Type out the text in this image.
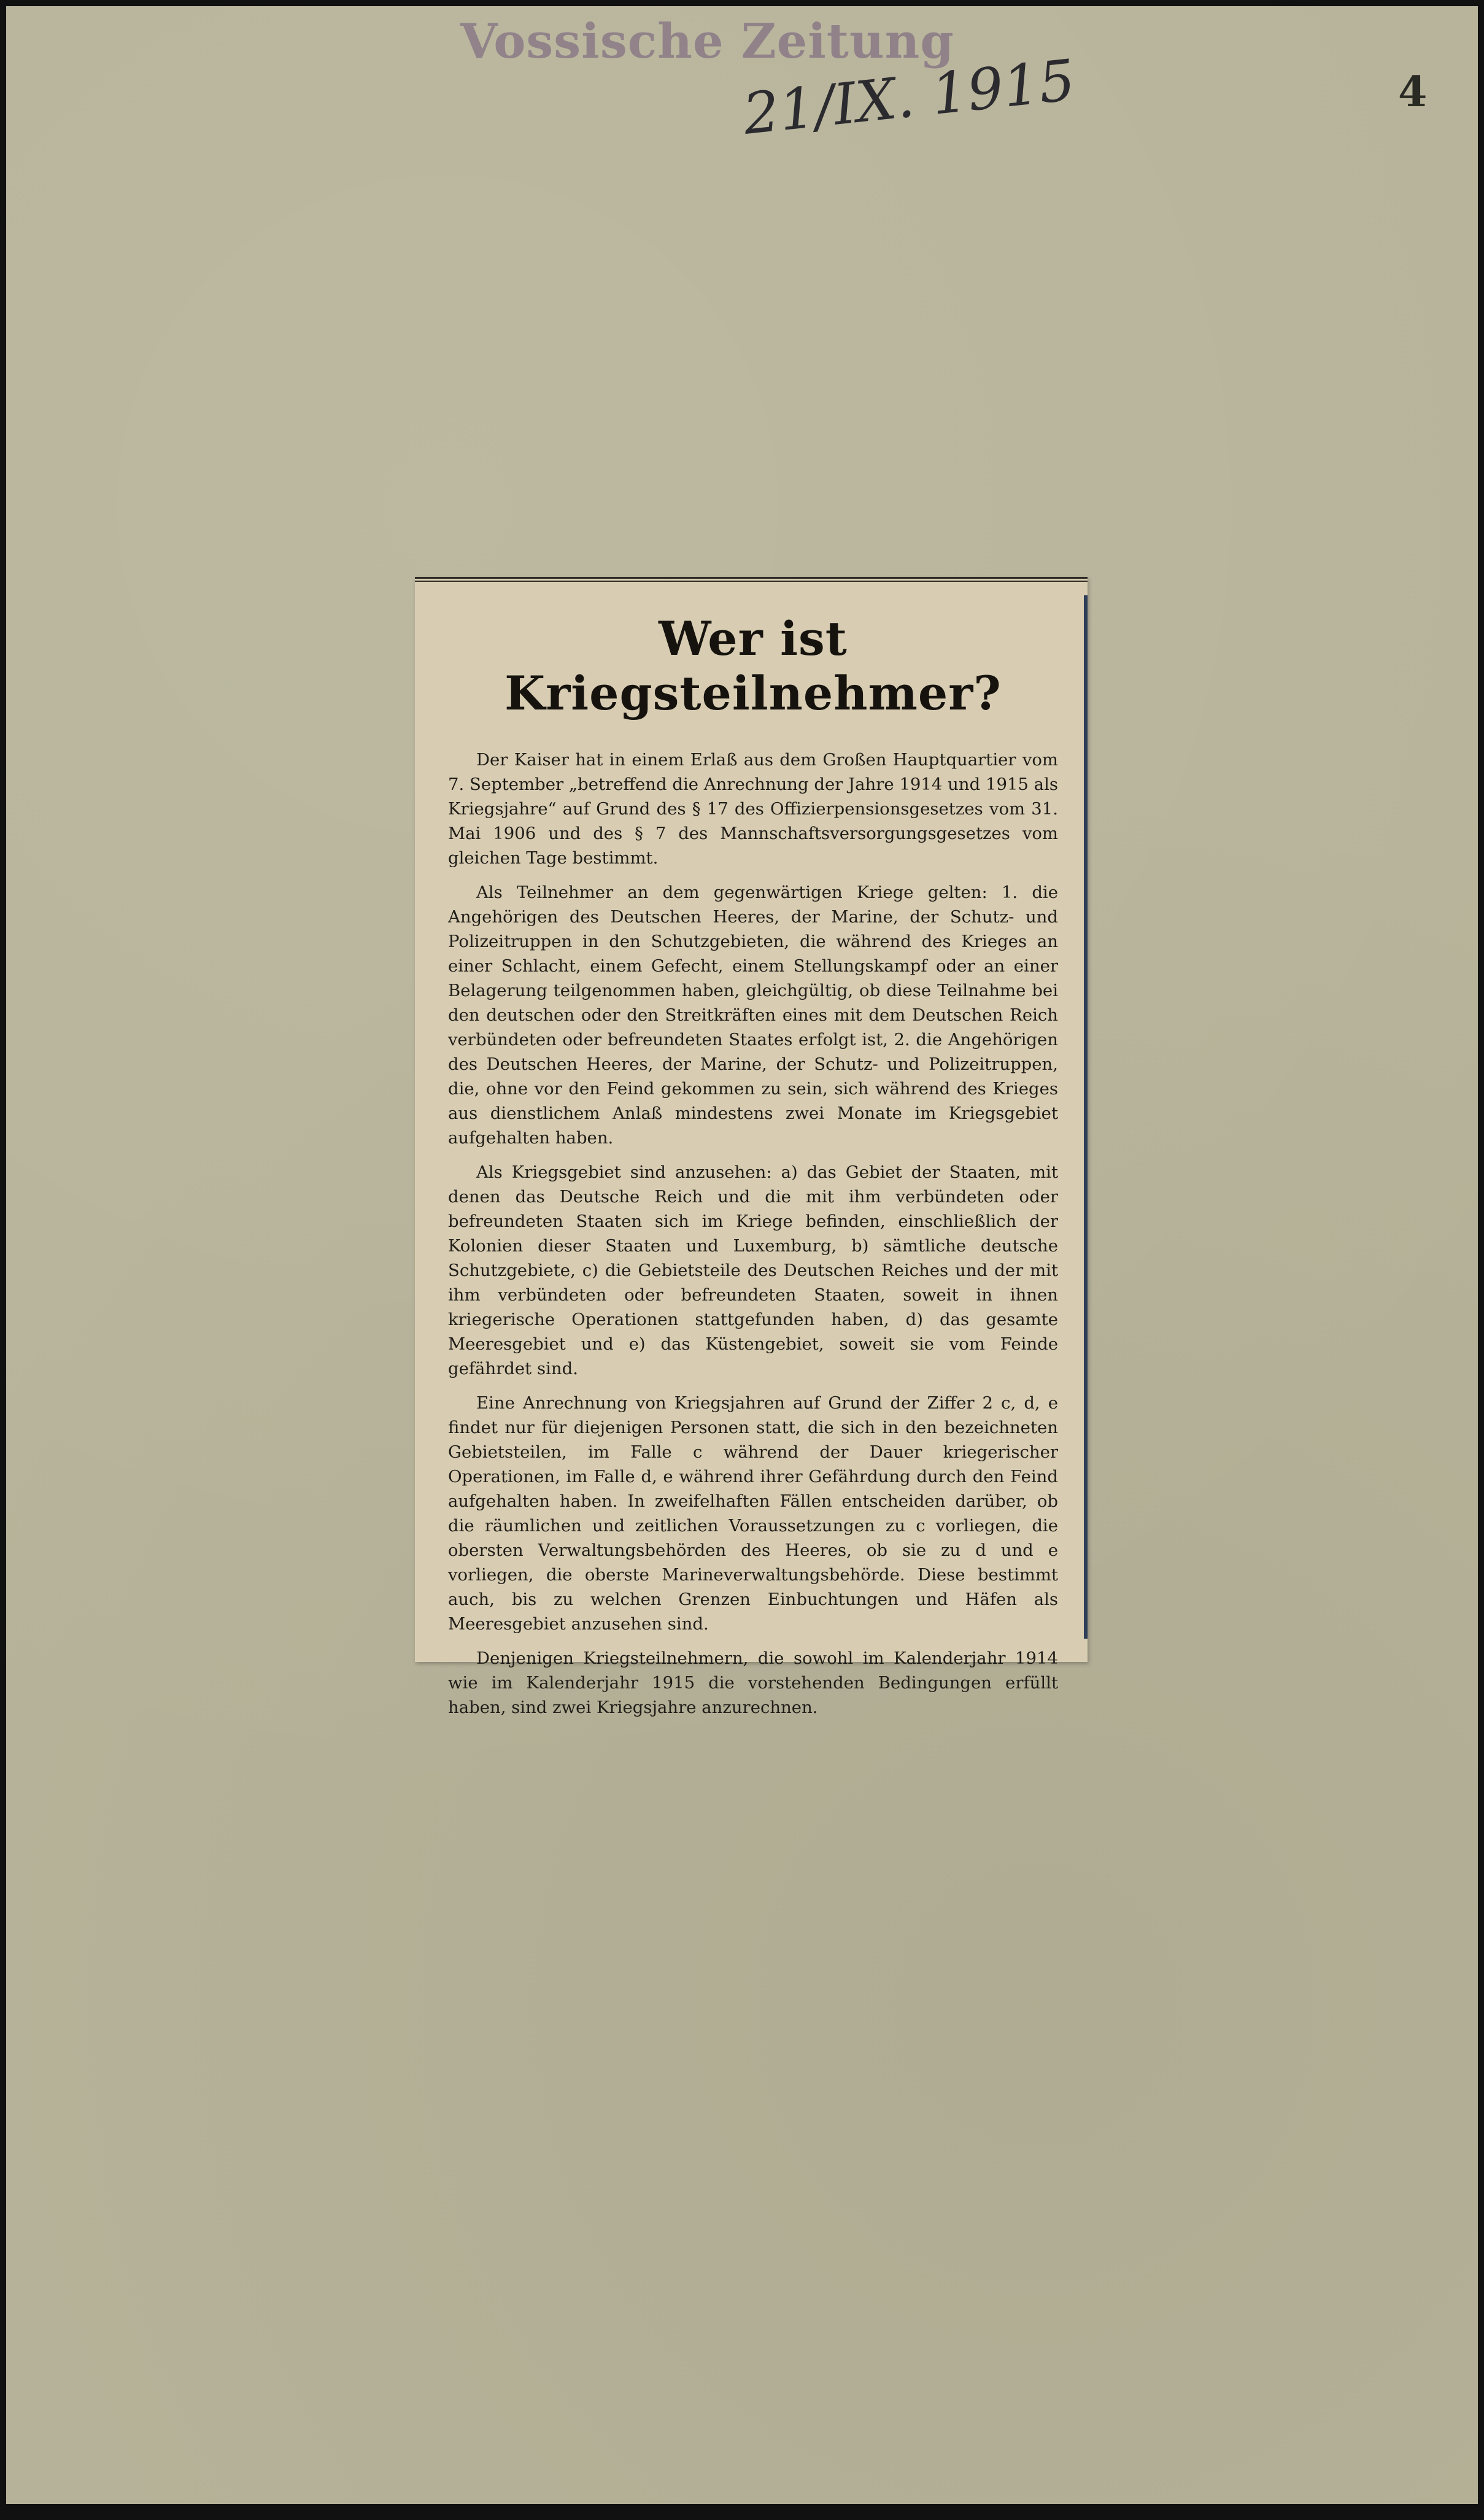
Vossische Zeitung
21/IX. 1915	4
Wer ist Kriegsteilnehmer?

Der Kaiser hat in einem Erlaß aus dem Großen Hauptquartier vom 7. September „betreffend die Anrechnung der Jahre 1914 und 1915 als Kriegsjahre“ auf Grund des § 17 des Offizierpensionsgesetzes vom 31. Mai 1906 und des § 7 des Mannschaftsversorgungsgesetzes vom gleichen Tage bestimmt.

Als Teilnehmer an dem gegenwärtigen Kriege gelten: 1. die Angehörigen des Deutschen Heeres, der Marine, der Schutz- und Polizeitruppen in den Schutzgebieten, die während des Krieges an einer Schlacht, einem Gefecht, einem Stellungskampf oder an einer Belagerung teilgenommen haben, gleichgültig, ob diese Teilnahme bei den deutschen oder den Streitkräften eines mit dem Deutschen Reich verbündeten oder befreundeten Staates erfolgt ist, 2. die Angehörigen des Deutschen Heeres, der Marine, der Schutz- und Polizeitruppen, die, ohne vor den Feind gekommen zu sein, sich während des Krieges aus dienstlichem Anlaß mindestens zwei Monate im Kriegsgebiet aufgehalten haben.

Als Kriegsgebiet sind anzusehen: a) das Gebiet der Staaten, mit denen das Deutsche Reich und die mit ihm verbündeten oder befreundeten Staaten sich im Kriege befinden, einschließlich der Kolonien dieser Staaten und Luxemburg, b) sämtliche deutsche Schutzgebiete, c) die Gebietsteile des Deutschen Reiches und der mit ihm verbündeten oder befreundeten Staaten, soweit in ihnen kriegerische Operationen stattgefunden haben, d) das gesamte Meeresgebiet und e) das Küstengebiet, soweit sie vom Feinde gefährdet sind.

Eine Anrechnung von Kriegsjahren auf Grund der Ziffer 2 c, d, e findet nur für diejenigen Personen statt, die sich in den bezeichneten Gebietsteilen, im Falle c während der Dauer kriegerischer Operationen, im Falle d, e während ihrer Gefährdung durch den Feind aufgehalten haben. In zweifelhaften Fällen entscheiden darüber, ob die räumlichen und zeitlichen Voraussetzungen zu c vorliegen, die obersten Verwaltungsbehörden des Heeres, ob sie zu d und e vorliegen, die oberste Marineverwaltungsbehörde. Diese bestimmt auch, bis zu welchen Grenzen Einbuchtungen und Häfen als Meeresgebiet anzusehen sind.

Denjenigen Kriegsteilnehmern, die sowohl im Kalenderjahr 1914 wie im Kalenderjahr 1915 die vorstehenden Bedingungen erfüllt haben, sind zwei Kriegsjahre anzurechnen.
